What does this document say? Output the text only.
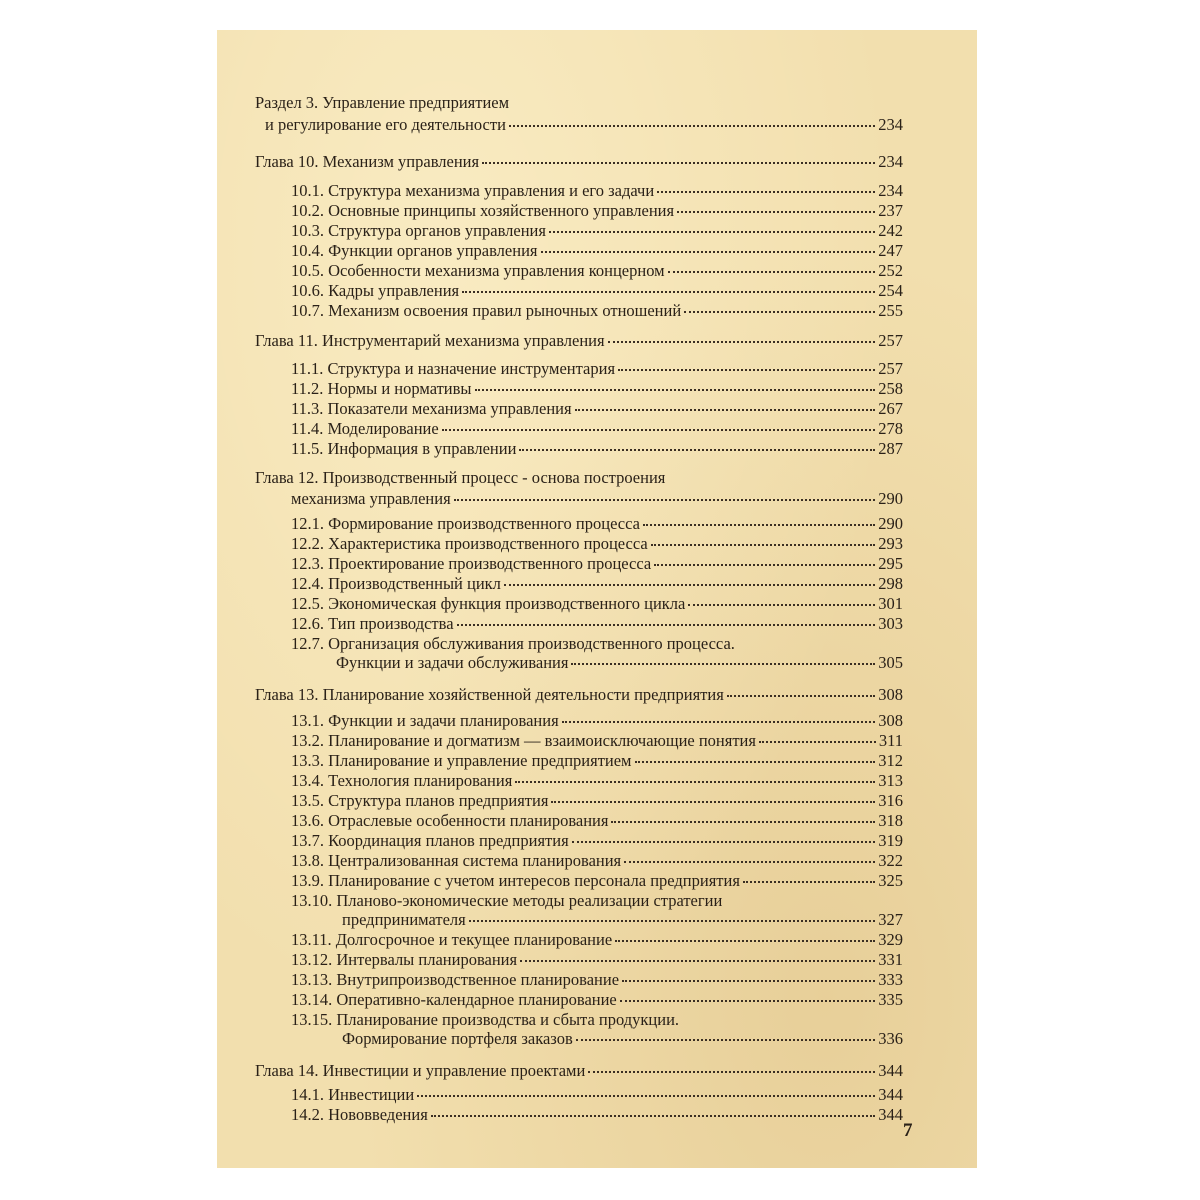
Раздел 3. Управление предприятием
и регулирование его деятельности	234
Глава 10. Механизм управления	234
10.1. Структура механизма управления и его задачи	234
10.2. Основные принципы хозяйственного управления	237
10.3. Структура органов управления	242
10.4. Функции органов управления	247
10.5. Особенности механизма управления концерном	252
10.6. Кадры управления	254
10.7. Механизм освоения правил рыночных отношений	255
Глава 11. Инструментарий механизма управления	257
11.1. Структура и назначение инструментария	257
11.2. Нормы и нормативы	258
11.3. Показатели механизма управления	267
11.4. Моделирование	278
11.5. Информация в управлении	287
Глава 12. Производственный процесс - основа построения
механизма управления	290
12.1. Формирование производственного процесса	290
12.2. Характеристика производственного процесса	293
12.3. Проектирование производственного процесса	295
12.4. Производственный цикл	298
12.5. Экономическая функция производственного цикла	301
12.6. Тип производства	303
12.7. Организация обслуживания производственного процесса.
Функции и задачи обслуживания	305
Глава 13. Планирование хозяйственной деятельности предприятия	308
13.1. Функции и задачи планирования	308
13.2. Планирование и догматизм — взаимоисключающие понятия	311
13.3. Планирование и управление предприятием	312
13.4. Технология планирования	313
13.5. Структура планов предприятия	316
13.6. Отраслевые особенности планирования	318
13.7. Координация планов предприятия	319
13.8. Централизованная система планирования	322
13.9. Планирование с учетом интересов персонала предприятия	325
13.10. Планово-экономические методы реализации стратегии
предпринимателя	327
13.11. Долгосрочное и текущее планирование	329
13.12. Интервалы планирования	331
13.13. Внутрипроизводственное планирование	333
13.14. Оперативно-календарное планирование	335
13.15. Планирование производства и сбыта продукции.
Формирование портфеля заказов	336
Глава 14. Инвестиции и управление проектами	344
14.1. Инвестиции	344
14.2. Нововведения	344
7
